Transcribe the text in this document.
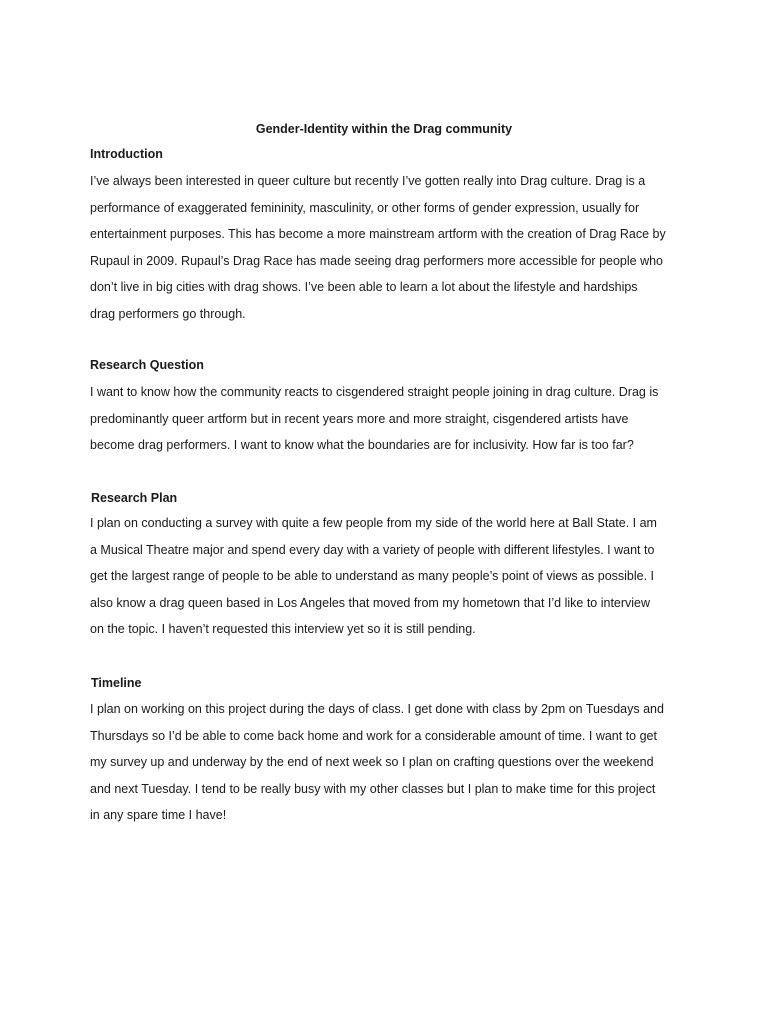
Gender-Identity within the Drag community
Introduction

I’ve always been interested in queer culture but recently I’ve gotten really into Drag culture. Drag is a
performance of exaggerated femininity, masculinity, or other forms of gender expression, usually for
entertainment purposes. This has become a more mainstream artform with the creation of Drag Race by
Rupaul in 2009. Rupaul’s Drag Race has made seeing drag performers more accessible for people who
don’t live in big cities with drag shows. I’ve been able to learn a lot about the lifestyle and hardships
drag performers go through.

Research Question

I want to know how the community reacts to cisgendered straight people joining in drag culture. Drag is
predominantly queer artform but in recent years more and more straight, cisgendered artists have
become drag performers. I want to know what the boundaries are for inclusivity. How far is too far?

Research Plan

I plan on conducting a survey with quite a few people from my side of the world here at Ball State. I am
a Musical Theatre major and spend every day with a variety of people with different lifestyles. I want to
get the largest range of people to be able to understand as many people’s point of views as possible. I
also know a drag queen based in Los Angeles that moved from my hometown that I’d like to interview
on the topic. I haven’t requested this interview yet so it is still pending.

Timeline

I plan on working on this project during the days of class. I get done with class by 2pm on Tuesdays and
Thursdays so I’d be able to come back home and work for a considerable amount of time. I want to get
my survey up and underway by the end of next week so I plan on crafting questions over the weekend
and next Tuesday. I tend to be really busy with my other classes but I plan to make time for this project
in any spare time I have!
